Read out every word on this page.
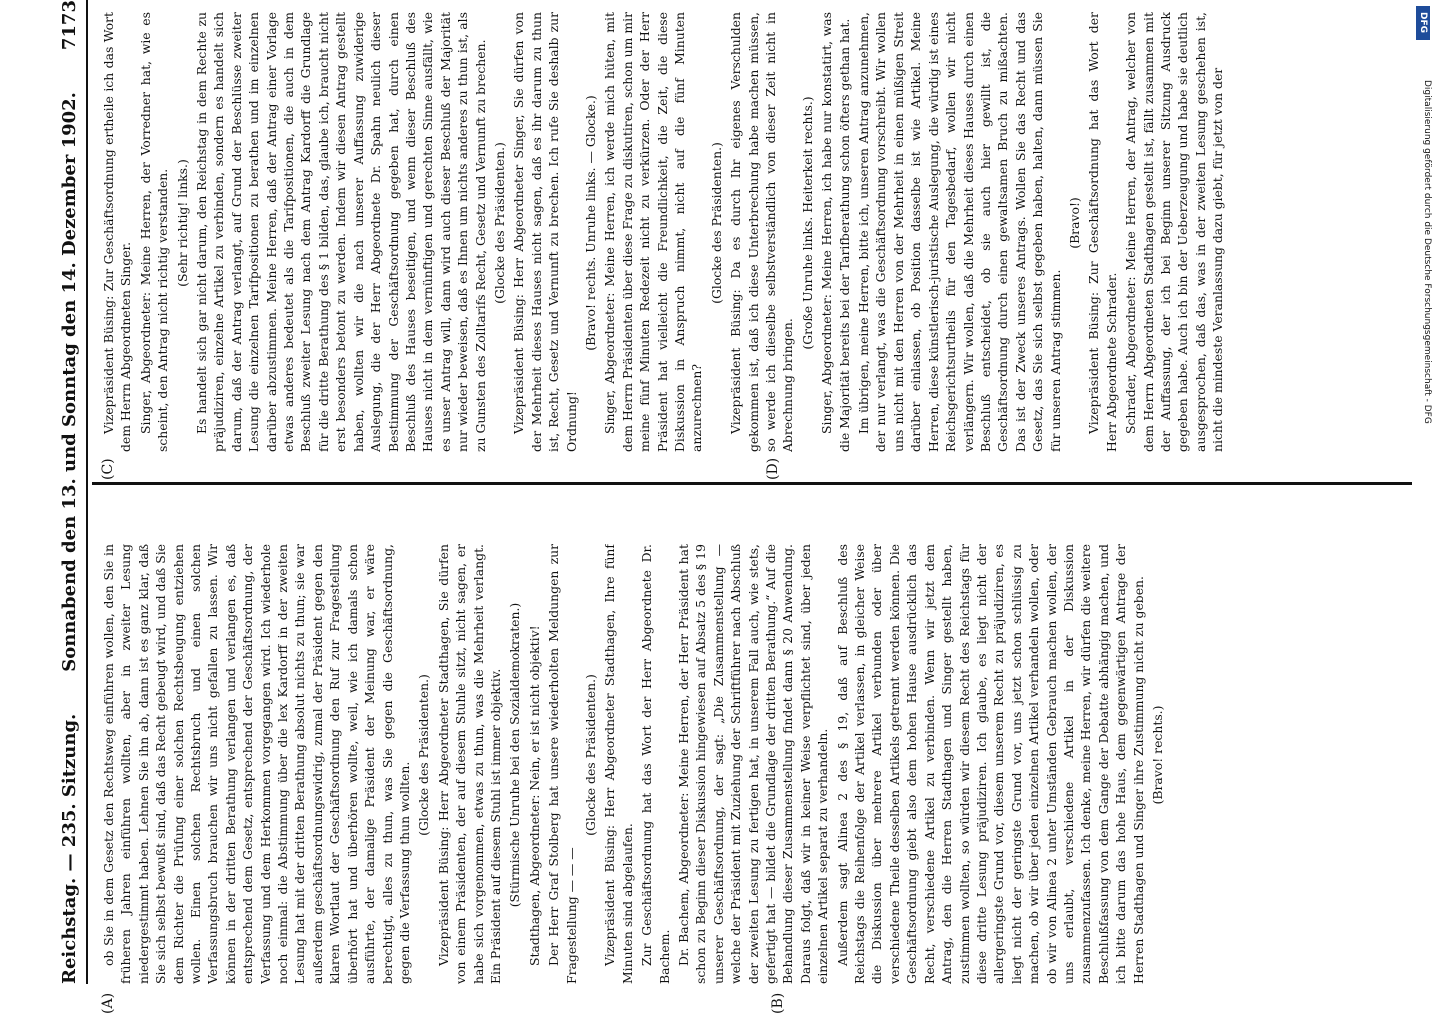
Reichstag. — 235. Sitzung.
Sonnabend den 13. und Sonntag den 14. Dezember 1902.
7173
(A)	(B)
(C)	(D)

ob Sie in dem Gesetz den Rechtsweg einführen wollen, den Sie in früheren Jahren einführen wollten, aber in zweiter Lesung niedergestimmt haben. Lehnen Sie ihn ab, dann ist es ganz klar, daß Sie sich selbst bewußt sind, daß das Recht gebeugt wird, und daß Sie dem Richter die Prüfung einer solchen Rechtsbeugung entziehen wollen. Einen solchen Rechtsbruch und einen solchen Verfassungsbruch brauchen wir uns nicht gefallen zu lassen. Wir können in der dritten Berathung verlangen und verlangen es, daß entsprechend dem Gesetz, entsprechend der Geschäftsordnung, der Verfassung und dem Herkommen vorgegangen wird. Ich wiederhole noch einmal: die Abstimmung über die lex Kardorff in der zweiten Lesung hat mit der dritten Berathung absolut nichts zu thun; sie war außerdem geschäftsordnungswidrig, zumal der Präsident gegen den klaren Wortlaut der Geschäftsordnung den Ruf zur Fragestellung überhört hat und überhören wollte, weil, wie ich damals schon ausführte, der damalige Präsident der Meinung war, er wäre berechtigt, alles zu thun, was Sie gegen die Geschäftsordnung, gegen die Verfassung thun wollten.

(Glocke des Präsidenten.) Vizepräsident Büsing: Herr Abgeordneter Stadthagen, Sie dürfen von einem Präsidenten, der auf diesem Stuhle sitzt, nicht sagen, er habe sich vorgenommen, etwas zu thun, was die Mehrheit verlangt. Ein Präsident auf diesem Stuhl ist immer objektiv. (Stürmische Unruhe bei den Sozialdemokraten.) Stadthagen, Abgeordneter: Nein, er ist nicht objektiv! Der Herr Graf Stolberg hat unsere wiederholten Meldungen zur Fragestellung — — —

(Glocke des Präsidenten.) Vizepräsident Büsing: Herr Abgeordneter Stadthagen, Ihre fünf Minuten sind abgelaufen. Zur Geschäftsordnung hat das Wort der Herr Abgeordnete Dr. Bachem. Dr. Bachem, Abgeordneter: Meine Herren, der Herr Präsident hat schon zu Beginn dieser Diskussion hingewiesen auf Absatz 5 des § 19 unserer Geschäftsordnung, der sagt: „Die Zusammenstellung — welche der Präsident mit Zuziehung der Schriftführer nach Abschluß der zweiten Lesung zu fertigen hat, in unserem Fall auch, wie stets, gefertigt hat — bildet die Grundlage der dritten Berathung.“ Auf die Behandlung dieser Zusammenstellung findet dann § 20 Anwendung. Daraus folgt, daß wir in keiner Weise verpflichtet sind, über jeden einzelnen Artikel separat zu verhandeln. Außerdem sagt Alinea 2 des § 19, daß auf Beschluß des Reichstags die Reihenfolge der Artikel verlassen, in gleicher Weise die Diskussion über mehrere Artikel verbunden oder über verschiedene Theile desselben Artikels getrennt werden können. Die Geschäftsordnung giebt also dem hohen Hause ausdrücklich das Recht, verschiedene Artikel zu verbinden. Wenn wir jetzt dem Antrag, den die Herren Stadthagen und Singer gestellt haben, zustimmen wollten, so würden wir diesem Recht des Reichstags für diese dritte Lesung präjudiziren. Ich glaube, es liegt nicht der allergeringste Grund vor, diesem unserem Recht zu präjudiziren, es liegt nicht der geringste Grund vor, uns jetzt schon schlüssig zu machen, ob wir über jeden einzelnen Artikel verhandeln wollen, oder ob wir von Alinea 2 unter Umständen Gebrauch machen wollen, der uns erlaubt, verschiedene Artikel in der Diskussion zusammenzufassen. Ich denke, meine Herren, wir dürfen die weitere Beschlußfassung von dem Gange der Debatte abhängig machen, und ich bitte darum das hohe Haus, dem gegenwärtigen Antrage der Herren Stadthagen und Singer ihre Zustimmung nicht zu geben. (Bravo! rechts.)

Vizepräsident Büsing: Zur Geschäftsordnung ertheile ich das Wort dem Herrn Abgeordneten Singer. Singer, Abgeordneter: Meine Herren, der Vorredner hat, wie es scheint, den Antrag nicht richtig verstanden. (Sehr richtig! links.) Es handelt sich gar nicht darum, den Reichstag in dem Rechte zu präjudiziren, einzelne Artikel zu verbinden, sondern es handelt sich darum, daß der Antrag verlangt, auf Grund der Beschlüsse zweiter Lesung die einzelnen Tarifpositionen zu berathen und im einzelnen darüber abzustimmen. Meine Herren, daß der Antrag einer Vorlage etwas anderes bedeutet als die Tarifpositionen, die auch in dem Beschluß zweiter Lesung nach dem Antrag Kardorff die Grundlage für die dritte Berathung des § 1 bilden, das, glaube ich, braucht nicht erst besonders betont zu werden. Indem wir diesen Antrag gestellt haben, wollten wir die nach unserer Auffassung zuwiderige Auslegung, die der Herr Abgeordnete Dr. Spahn neulich dieser Bestimmung der Geschäftsordnung gegeben hat, durch einen Beschluß des Hauses beseitigen, und wenn dieser Beschluß des Hauses nicht in dem vernünftigen und gerechten Sinne ausfällt, wie es unser Antrag will, dann wird auch dieser Beschluß der Majorität nur wieder beweisen, daß es Ihnen um nichts anderes zu thun ist, als zu Gunsten des Zolltarifs Recht, Gesetz und Vernunft zu brechen. (Glocke des Präsidenten.) Vizepräsident Büsing: Herr Abgeordneter Singer, Sie dürfen von der Mehrheit dieses Hauses nicht sagen, daß es ihr darum zu thun ist, Recht, Gesetz und Vernunft zu brechen. Ich rufe Sie deshalb zur Ordnung!

(Bravo! rechts. Unruhe links. — Glocke.) Singer, Abgeordneter: Meine Herren, ich werde mich hüten, mit dem Herrn Präsidenten über diese Frage zu diskutiren, schon um mir meine fünf Minuten Redezeit nicht zu verkürzen. Oder der Herr Präsident hat vielleicht die Freundlichkeit, die Zeit, die diese Diskussion in Anspruch nimmt, nicht auf die fünf Minuten anzurechnen?

(Glocke des Präsidenten.) Vizepräsident Büsing: Da es durch Ihr eigenes Verschulden gekommen ist, daß ich diese Unterbrechung habe machen müssen, so werde ich dieselbe selbstverständlich von dieser Zeit nicht in Abrechnung bringen.

(Große Unruhe links. Heiterkeit rechts.) Singer, Abgeordneter: Meine Herren, ich habe nur konstatirt, was die Majorität bereits bei der Tarifberathung schon öfters gethan hat. Im übrigen, meine Herren, bitte ich, unseren Antrag anzunehmen, der nur verlangt, was die Geschäftsordnung vorschreibt. Wir wollen uns nicht mit den Herren von der Mehrheit in einen müßigen Streit darüber einlassen, ob Position dasselbe ist wie Artikel. Meine Herren, diese künstlerisch-juristische Auslegung, die würdig ist eines Reichsgerichtsurtheils für den Tagesbedarf, wollen wir nicht verlängern. Wir wollen, daß die Mehrheit dieses Hauses durch einen Beschluß entscheidet, ob sie auch hier gewillt ist, die Geschäftsordnung durch einen gewaltsamen Bruch zu mißachten. Das ist der Zweck unseres Antrags. Wollen Sie das Recht und das Gesetz, das Sie sich selbst gegeben haben, halten, dann müssen Sie für unseren Antrag stimmen.

(Bravo!) Vizepräsident Büsing: Zur Geschäftsordnung hat das Wort der Herr Abgeordnete Schrader. Schrader, Abgeordneter: Meine Herren, der Antrag, welcher von dem Herrn Abgeordneten Stadthagen gestellt ist, fällt zusammen mit der Auffassung, der ich bei Beginn unserer Sitzung Ausdruck gegeben habe. Auch ich bin der Ueberzeugung und habe sie deutlich ausgesprochen, daß das, was in der zweiten Lesung geschehen ist, nicht die mindeste Veranlassung dazu giebt, für jetzt von der

DFG
Digitalisierung gefördert durch die Deutsche Forschungsgemeinschaft - DFG
